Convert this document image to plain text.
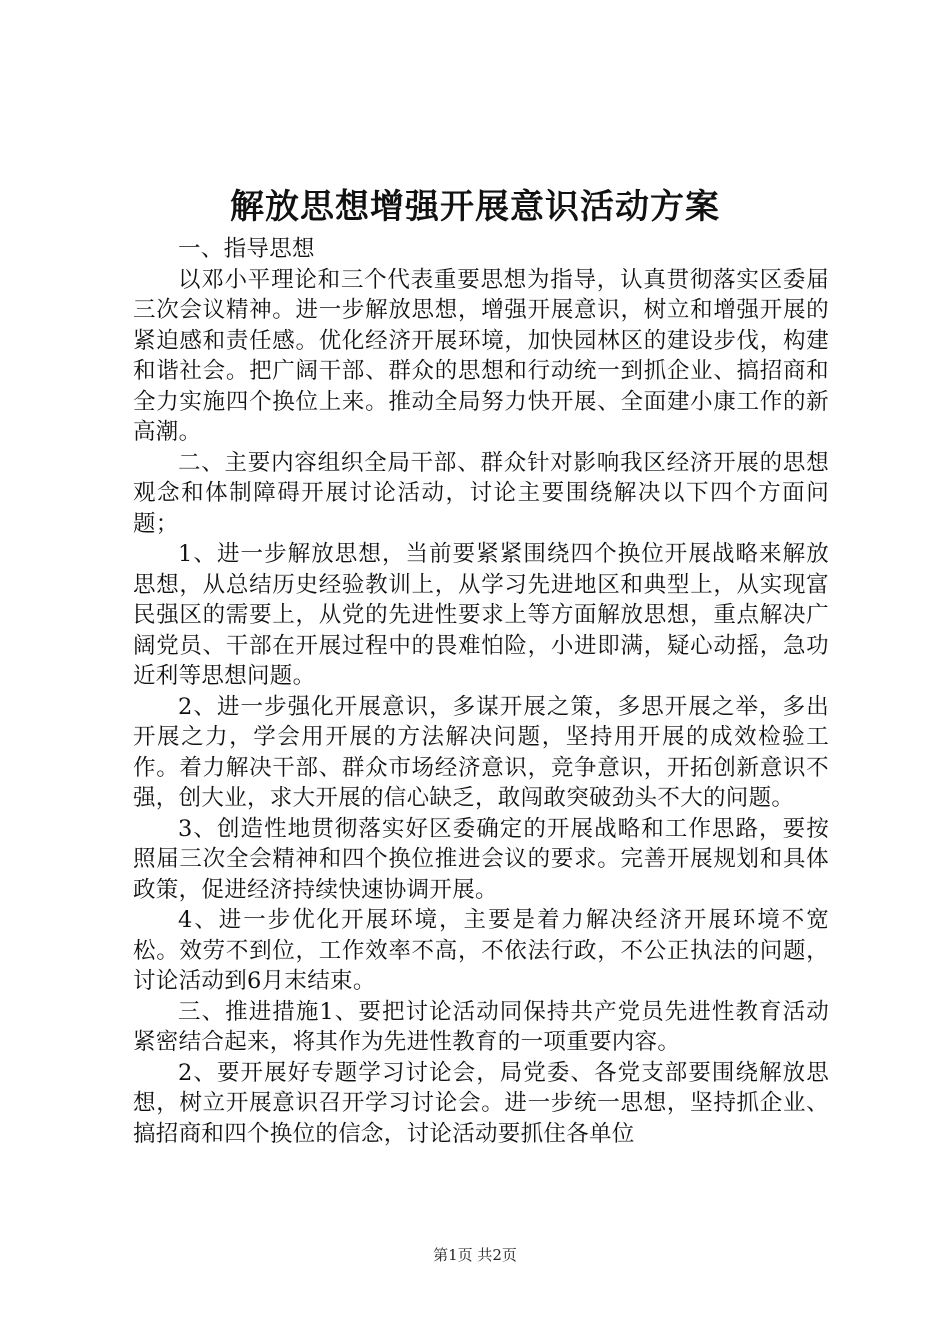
解放思想增强开展意识活动方案

一、指导思想

以邓小平理论和三个代表重要思想为指导，认真贯彻落实区委届三次会议精神。进一步解放思想，增强开展意识，树立和增强开展的紧迫感和责任感。优化经济开展环境，加快园林区的建设步伐，构建和谐社会。把广阔干部、群众的思想和行动统一到抓企业、搞招商和全力实施四个换位上来。推动全局努力快开展、全面建小康工作的新高潮。

二、主要内容组织全局干部、群众针对影响我区经济开展的思想观念和体制障碍开展讨论活动，讨论主要围绕解决以下四个方面问题；

1、进一步解放思想，当前要紧紧围绕四个换位开展战略来解放思想，从总结历史经验教训上，从学习先进地区和典型上，从实现富民强区的需要上，从党的先进性要求上等方面解放思想，重点解决广阔党员、干部在开展过程中的畏难怕险，小进即满，疑心动摇，急功近利等思想问题。

2、进一步强化开展意识，多谋开展之策，多思开展之举，多出开展之力，学会用开展的方法解决问题，坚持用开展的成效检验工作。着力解决干部、群众市场经济意识，竞争意识，开拓创新意识不强，创大业，求大开展的信心缺乏，敢闯敢突破劲头不大的问题。

3、创造性地贯彻落实好区委确定的开展战略和工作思路，要按照届三次全会精神和四个换位推进会议的要求。完善开展规划和具体政策，促进经济持续快速协调开展。

4、进一步优化开展环境，主要是着力解决经济开展环境不宽松。效劳不到位，工作效率不高，不依法行政，不公正执法的问题，讨论活动到6月末结束。

三、推进措施1、要把讨论活动同保持共产党员先进性教育活动紧密结合起来，将其作为先进性教育的一项重要内容。

2、要开展好专题学习讨论会，局党委、各党支部要围绕解放思想，树立开展意识召开学习讨论会。进一步统一思想，坚持抓企业、搞招商和四个换位的信念，讨论活动要抓住各单位

第1页 共2页
